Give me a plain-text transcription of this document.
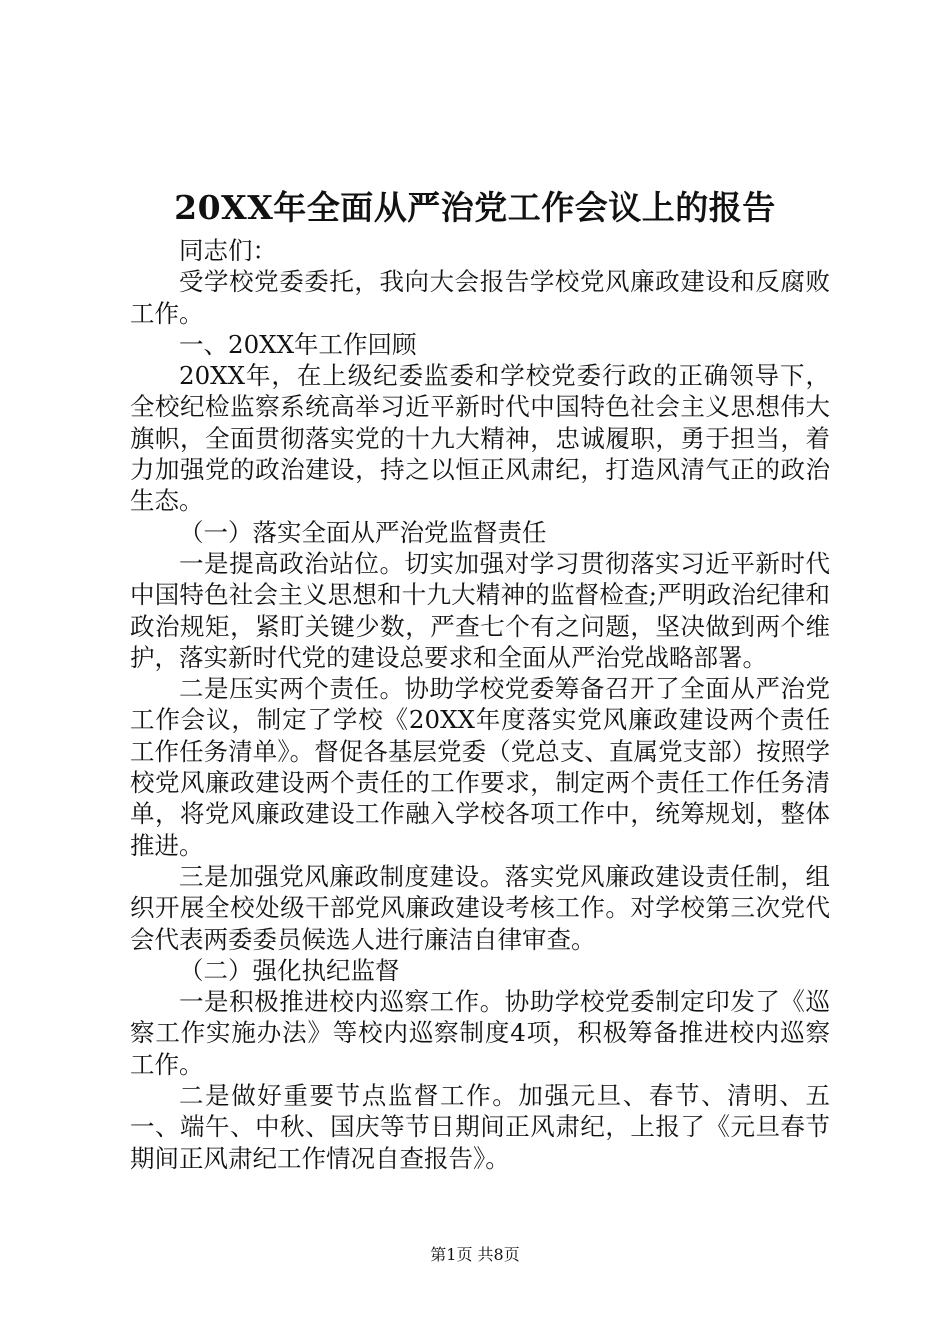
20XX年全面从严治党工作会议上的报告

同志们：

受学校党委委托，我向大会报告学校党风廉政建设和反腐败工作。

一、20XX年工作回顾

20XX年，在上级纪委监委和学校党委行政的正确领导下，全校纪检监察系统高举习近平新时代中国特色社会主义思想伟大旗帜，全面贯彻落实党的十九大精神，忠诚履职，勇于担当，着力加强党的政治建设，持之以恒正风肃纪，打造风清气正的政治生态。

（一）落实全面从严治党监督责任

一是提高政治站位。切实加强对学习贯彻落实习近平新时代中国特色社会主义思想和十九大精神的监督检查;严明政治纪律和政治规矩，紧盯关键少数，严查七个有之问题，坚决做到两个维护，落实新时代党的建设总要求和全面从严治党战略部署。

二是压实两个责任。协助学校党委筹备召开了全面从严治党工作会议，制定了学校《20XX年度落实党风廉政建设两个责任工作任务清单》。督促各基层党委（党总支、直属党支部）按照学校党风廉政建设两个责任的工作要求，制定两个责任工作任务清单，将党风廉政建设工作融入学校各项工作中，统筹规划，整体推进。

三是加强党风廉政制度建设。落实党风廉政建设责任制，组织开展全校处级干部党风廉政建设考核工作。对学校第三次党代会代表两委委员候选人进行廉洁自律审查。

（二）强化执纪监督

一是积极推进校内巡察工作。协助学校党委制定印发了《巡察工作实施办法》等校内巡察制度4项，积极筹备推进校内巡察工作。

二是做好重要节点监督工作。加强元旦、春节、清明、五一、端午、中秋、国庆等节日期间正风肃纪，上报了《元旦春节期间正风肃纪工作情况自查报告》。

第1页 共8页
